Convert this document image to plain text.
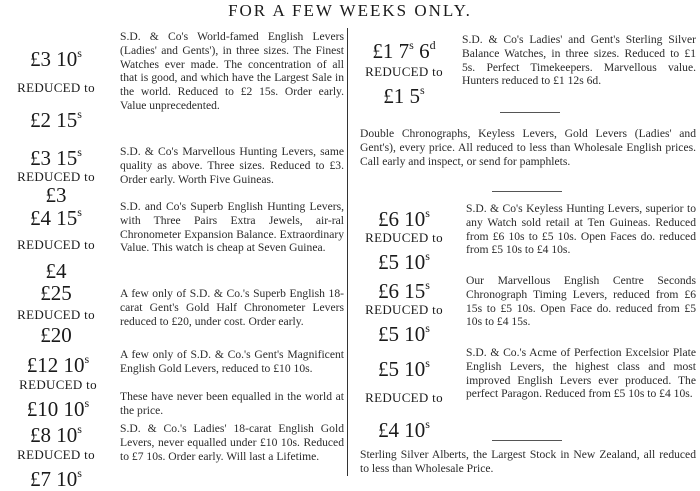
FOR A FEW WEEKS ONLY.
£3 10$^s$
REDUCED to
£2 15$^s$
S.D. & Co's World-famed English Levers (Ladies' and Gents'), in three sizes. The Finest Watches ever made. The concentration of all that is good, and which have the Largest Sale in the world. Reduced to £2 15s. Order early. Value unprecedented.
£3 15$^s$
REDUCED to
£3
S.D. & Co's Marvellous Hunting Levers, same quality as above. Three sizes. Reduced to £3. Order early. Worth Five Guineas.
£4 15$^s$
REDUCED to
£4
S.D. and Co's Superb English Hunting Levers, with Three Pairs Extra Jewels, air-ral Chronometer Expansion Balance. Extraordinary Value. This watch is cheap at Seven Guinea.
£25
REDUCED to
£20
A few only of S.D. & Co.'s Superb English 18-carat Gent's Gold Half Chronometer Levers reduced to £20, under cost. Order early.
£12 10$^s$
REDUCED to
£10 10$^s$
A few only of S.D. & Co.'s Gent's Magnificent English Gold Levers, reduced to £10 10s.
These have never been equalled in the world at the price.
£8 10$^s$
REDUCED to
£7 10$^s$
S.D. & Co.'s Ladies' 18-carat English Gold Levers, never equalled under £10 10s. Reduced to £7 10s. Order early. Will last a Lifetime.
£1 7$^s$ 6$^d$
REDUCED to
£1 5$^s$
S.D. & Co's Ladies' and Gent's Sterling Silver Balance Watches, in three sizes. Reduced to £1 5s. Perfect Timekeepers. Marvellous value. Hunters reduced to £1 12s 6d.
Double Chronographs, Keyless Levers, Gold Levers (Ladies' and Gent's), every price. All reduced to less than Wholesale English prices. Call early and inspect, or send for pamphlets.
£6 10$^s$
REDUCED to
£5 10$^s$
S.D. & Co's Keyless Hunting Levers, superior to any Watch sold retail at Ten Guineas. Reduced from £6 10s to £5 10s. Open Faces do. reduced from £5 10s to £4 10s.
£6 15$^s$
REDUCED to
£5 10$^s$
Our Marvellous English Centre Seconds Chronograph Timing Levers, reduced from £6 15s to £5 10s. Open Face do. reduced from £5 10s to £4 15s.
£5 10$^s$
REDUCED to
£4 10$^s$
S.D. & Co.'s Acme of Perfection Excelsior Plate English Levers, the highest class and most improved English Levers ever produced. The perfect Paragon. Reduced from £5 10s to £4 10s.
Sterling Silver Alberts, the Largest Stock in New Zealand, all reduced to less than Wholesale Price.
